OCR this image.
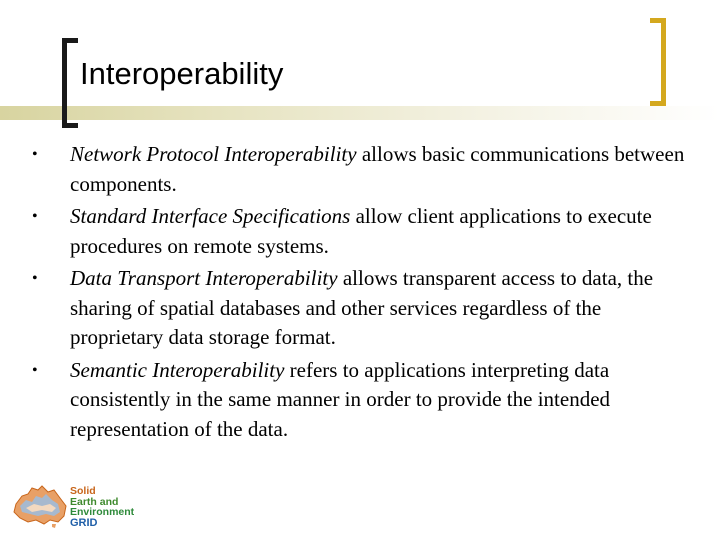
Interoperability
• Network Protocol Interoperability allows basic communications between components.
• Standard Interface Specifications allow client applications to execute procedures on remote systems.
• Data Transport Interoperability allows transparent access to data, the sharing of spatial databases and other services regardless of the proprietary data storage format.
• Semantic Interoperability refers to applications interpreting data consistently in the same manner in order to provide the intended representation of the data.
Solid
Earth and
Environment
GRID
